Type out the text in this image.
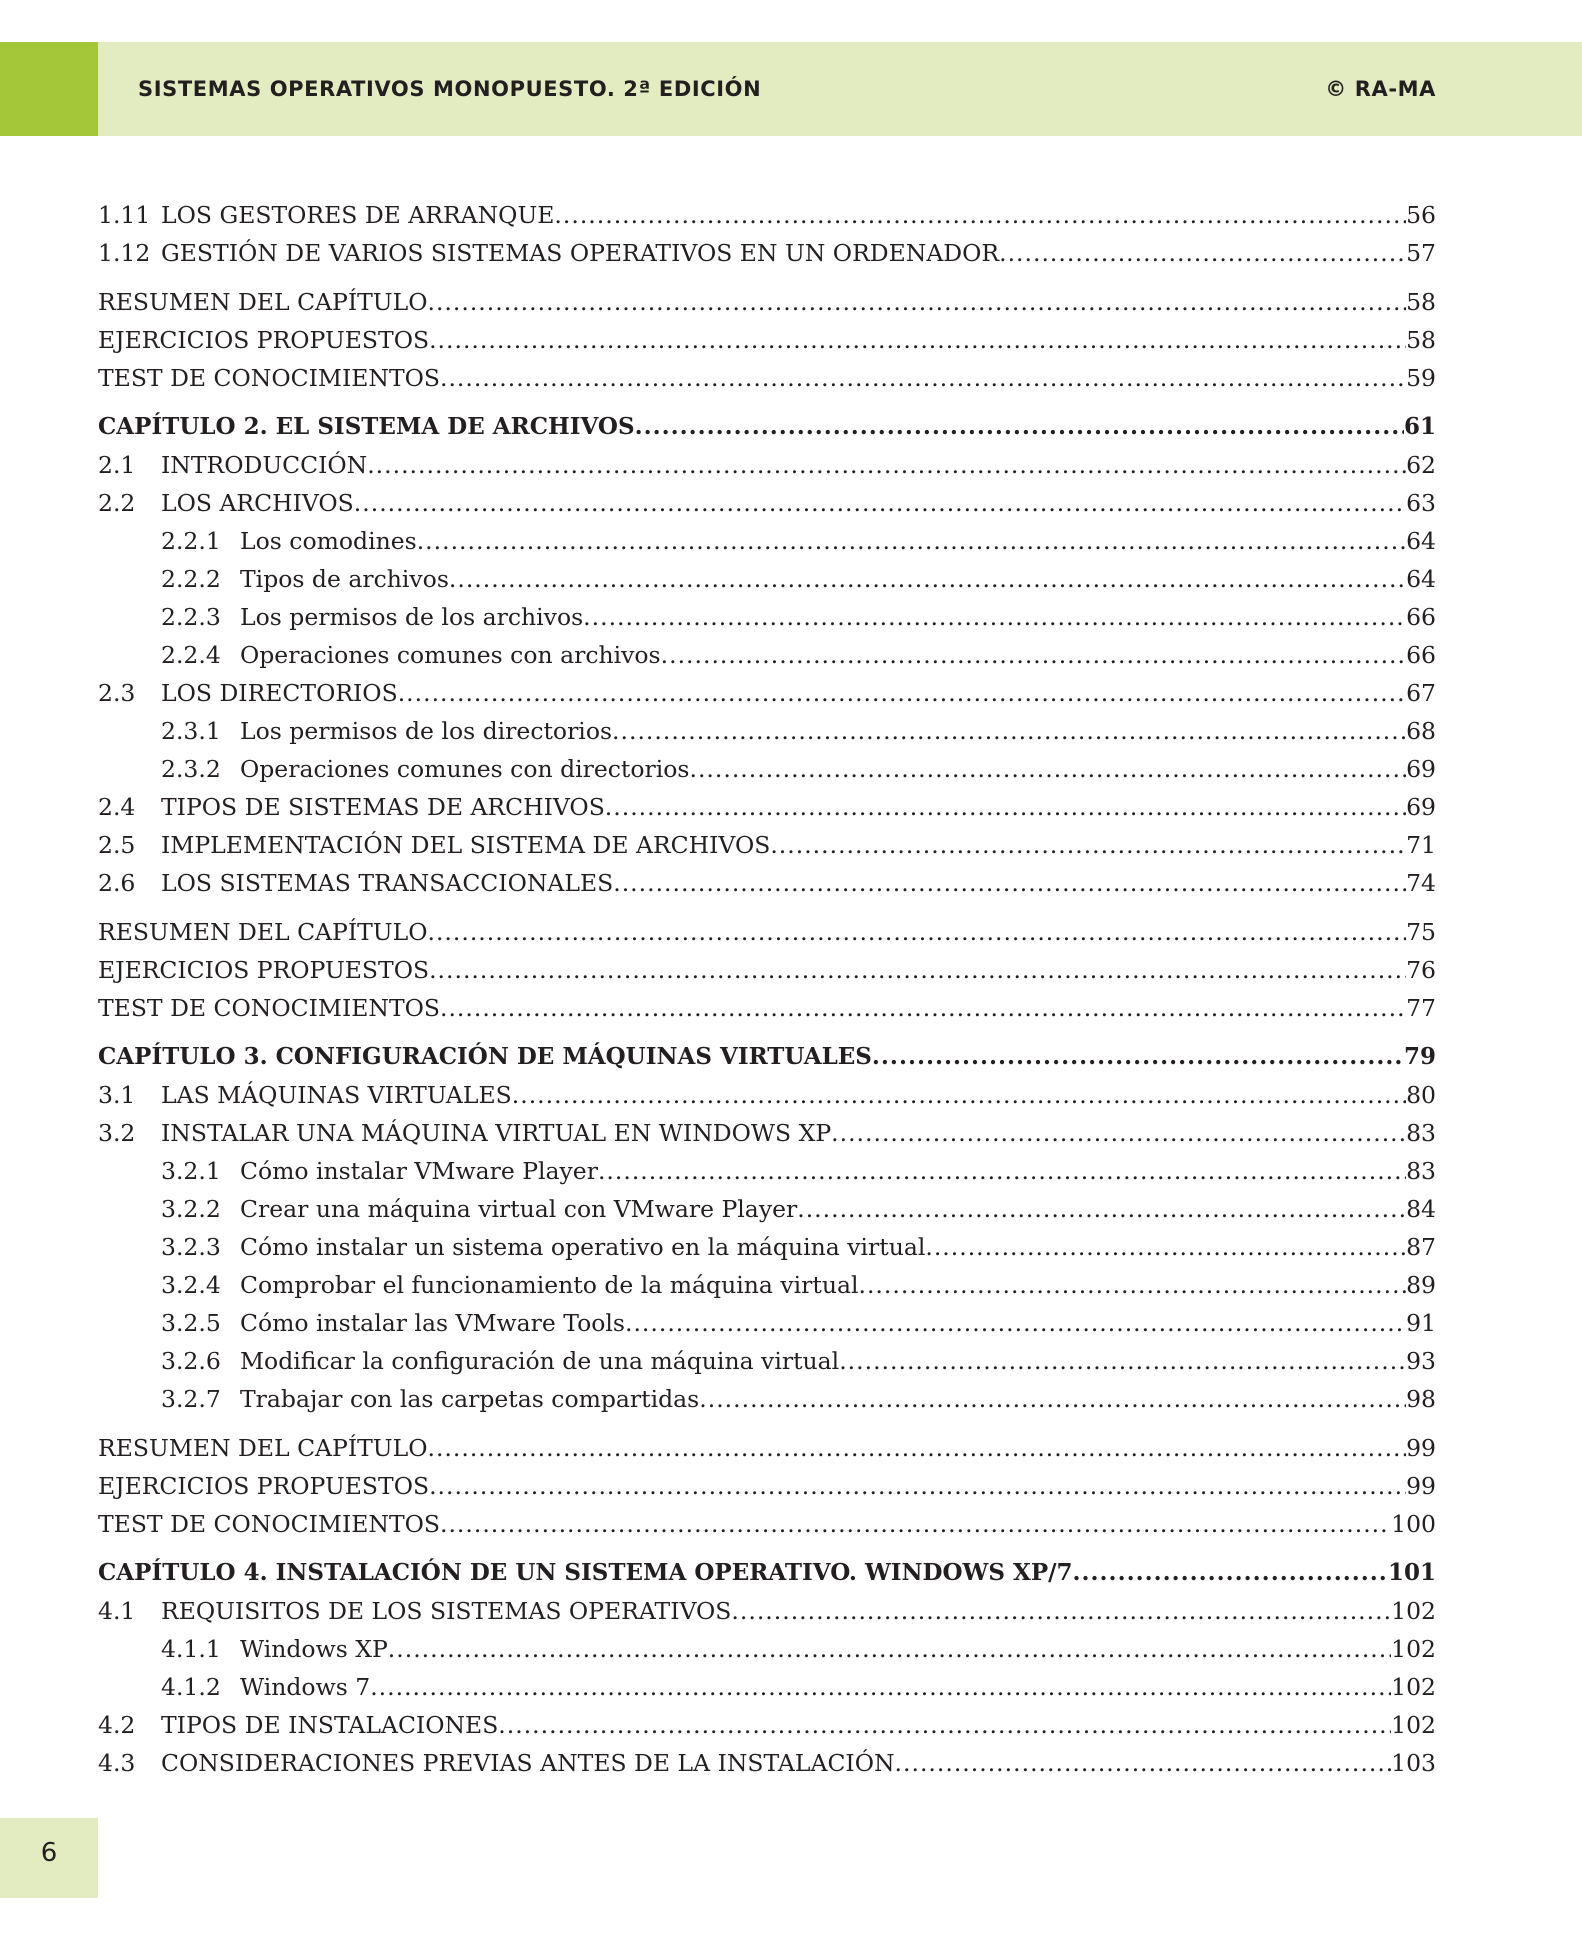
SISTEMAS OPERATIVOS MONOPUESTO. 2ª EDICIÓN	© RA-MA
1.11 LOS GESTORES DE ARRANQUE .....	56
1.12 GESTIÓN DE VARIOS SISTEMAS OPERATIVOS EN UN ORDENADOR .....	57
RESUMEN DEL CAPÍTULO .....	58
EJERCICIOS PROPUESTOS .....	58
TEST DE CONOCIMIENTOS .....	59
CAPÍTULO 2. EL SISTEMA DE ARCHIVOS .....	61
2.1	INTRODUCCIÓN .....	62
2.2	LOS ARCHIVOS .....	63
2.2.1 Los comodines .....	64
2.2.2 Tipos de archivos .....	64
2.2.3 Los permisos de los archivos .....	66
2.2.4 Operaciones comunes con archivos .....	66
2.3	LOS DIRECTORIOS .....	67
2.3.1 Los permisos de los directorios .....	68
2.3.2 Operaciones comunes con directorios .....	69
2.4	TIPOS DE SISTEMAS DE ARCHIVOS .....	69
2.5	IMPLEMENTACIÓN DEL SISTEMA DE ARCHIVOS .....	71
2.6	LOS SISTEMAS TRANSACCIONALES .....	74
RESUMEN DEL CAPÍTULO .....	75
EJERCICIOS PROPUESTOS .....	76
TEST DE CONOCIMIENTOS .....	77
CAPÍTULO 3. CONFIGURACIÓN DE MÁQUINAS VIRTUALES .....	79
3.1	LAS MÁQUINAS VIRTUALES .....	80
3.2	INSTALAR UNA MÁQUINA VIRTUAL EN WINDOWS XP .....	83
3.2.1 Cómo instalar VMware Player .....	83
3.2.2 Crear una máquina virtual con VMware Player .....	84
3.2.3 Cómo instalar un sistema operativo en la máquina virtual .....	87
3.2.4 Comprobar el funcionamiento de la máquina virtual .....	89
3.2.5 Cómo instalar las VMware Tools .....	91
3.2.6 Modificar la configuración de una máquina virtual .....	93
3.2.7 Trabajar con las carpetas compartidas .....	98
RESUMEN DEL CAPÍTULO .....	99
EJERCICIOS PROPUESTOS .....	99
TEST DE CONOCIMIENTOS .....	100
CAPÍTULO 4. INSTALACIÓN DE UN SISTEMA OPERATIVO. WINDOWS XP/7 .....	101
4.1	REQUISITOS DE LOS SISTEMAS OPERATIVOS .....	102
4.1.1 Windows XP .....	102
4.1.2 Windows 7 .....	102
4.2	TIPOS DE INSTALACIONES .....	102
4.3	CONSIDERACIONES PREVIAS ANTES DE LA INSTALACIÓN .....	103
6
